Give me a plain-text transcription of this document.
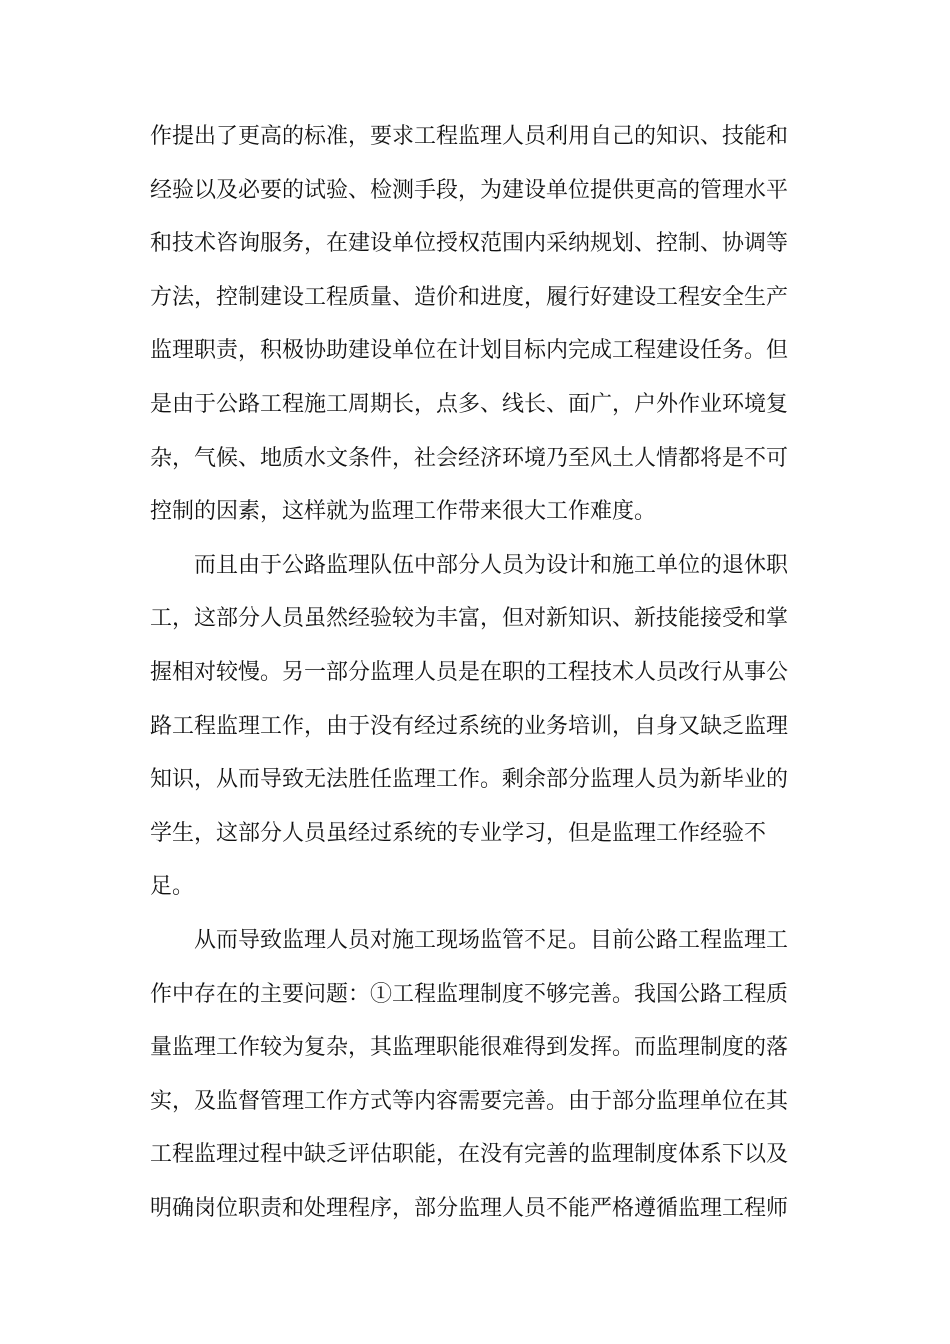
作提出了更高的标准，要求工程监理人员利用自己的知识、技能和
经验以及必要的试验、检测手段，为建设单位提供更高的管理水平
和技术咨询服务，在建设单位授权范围内采纳规划、控制、协调等
方法，控制建设工程质量、造价和进度，履行好建设工程安全生产
监理职责，积极协助建设单位在计划目标内完成工程建设任务。但
是由于公路工程施工周期长，点多、线长、面广，户外作业环境复
杂，气候、地质水文条件，社会经济环境乃至风土人情都将是不可
控制的因素，这样就为监理工作带来很大工作难度。
而且由于公路监理队伍中部分人员为设计和施工单位的退休职
工，这部分人员虽然经验较为丰富，但对新知识、新技能接受和掌
握相对较慢。另一部分监理人员是在职的工程技术人员改行从事公
路工程监理工作，由于没有经过系统的业务培训，自身又缺乏监理
知识，从而导致无法胜任监理工作。剩余部分监理人员为新毕业的
学生，这部分人员虽经过系统的专业学习，但是监理工作经验不
足。
从而导致监理人员对施工现场监管不足。目前公路工程监理工
作中存在的主要问题：①工程监理制度不够完善。我国公路工程质
量监理工作较为复杂，其监理职能很难得到发挥。而监理制度的落
实，及监督管理工作方式等内容需要完善。由于部分监理单位在其
工程监理过程中缺乏评估职能，在没有完善的监理制度体系下以及
明确岗位职责和处理程序，部分监理人员不能严格遵循监理工程师
